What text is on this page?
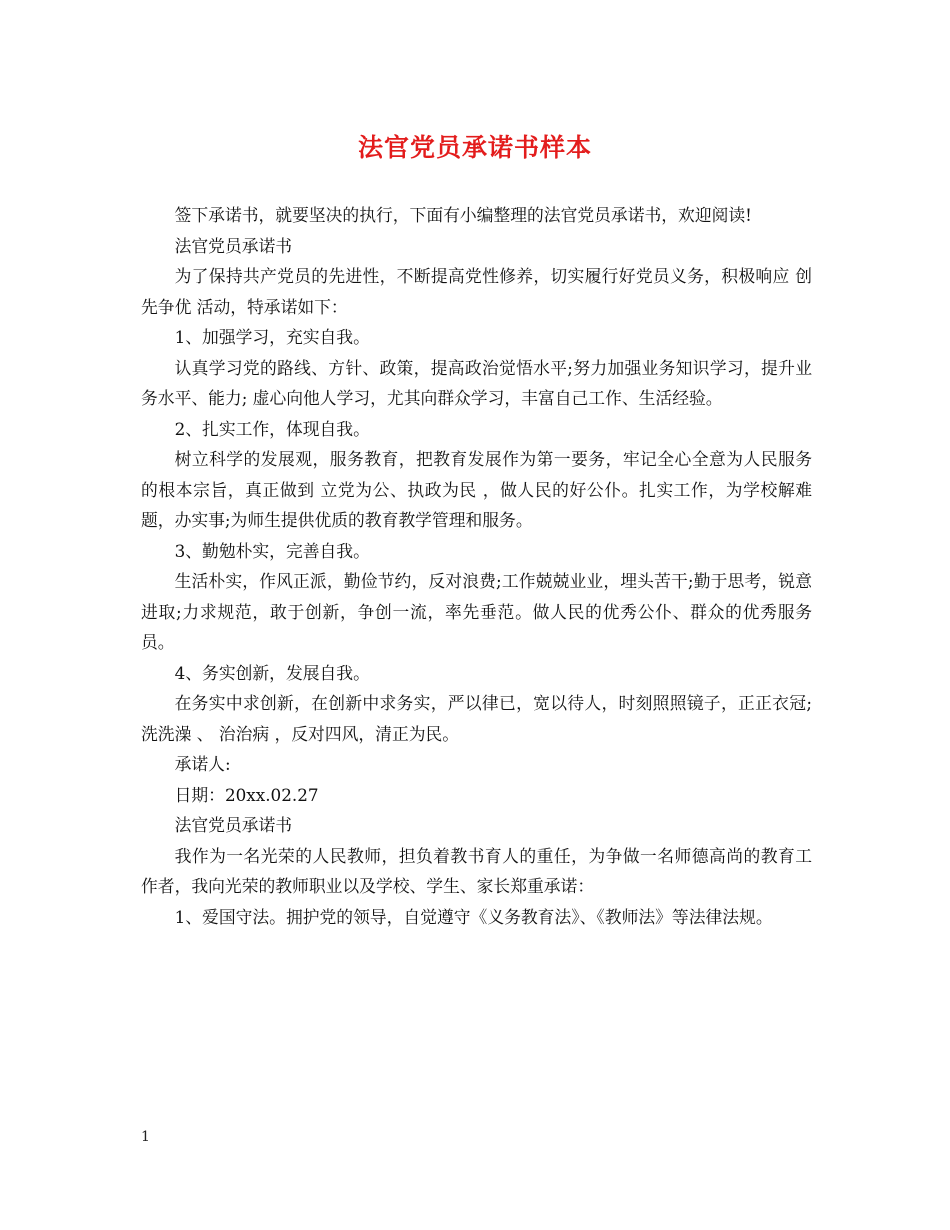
法官党员承诺书样本

签下承诺书，就要坚决的执行，下面有小编整理的法官党员承诺书，欢迎阅读!

法官党员承诺书

为了保持共产党员的先进性，不断提高党性修养，切实履行好党员义务，积极响应 创先争优 活动，特承诺如下：

1、加强学习，充实自我。

认真学习党的路线、方针、政策，提高政治觉悟水平;努力加强业务知识学习，提升业务水平、能力; 虚心向他人学习，尤其向群众学习，丰富自己工作、生活经验。

2、扎实工作，体现自我。

树立科学的发展观，服务教育，把教育发展作为第一要务，牢记全心全意为人民服务的根本宗旨，真正做到 立党为公、执政为民 ，做人民的好公仆。扎实工作，为学校解难题，办实事;为师生提供优质的教育教学管理和服务。

3、勤勉朴实，完善自我。

生活朴实，作风正派，勤俭节约，反对浪费;工作兢兢业业，埋头苦干;勤于思考，锐意进取;力求规范，敢于创新，争创一流，率先垂范。做人民的优秀公仆、群众的优秀服务员。

4、务实创新，发展自我。

在务实中求创新，在创新中求务实，严以律已，宽以待人，时刻照照镜子，正正衣冠; 洗洗澡 、 治治病 ，反对四风，清正为民。

承诺人:

日期：20xx.02.27

法官党员承诺书

我作为一名光荣的人民教师，担负着教书育人的重任，为争做一名师德高尚的教育工作者，我向光荣的教师职业以及学校、学生、家长郑重承诺：

1、爱国守法。拥护党的领导，自觉遵守《义务教育法》、《教师法》等法律法规。

1
